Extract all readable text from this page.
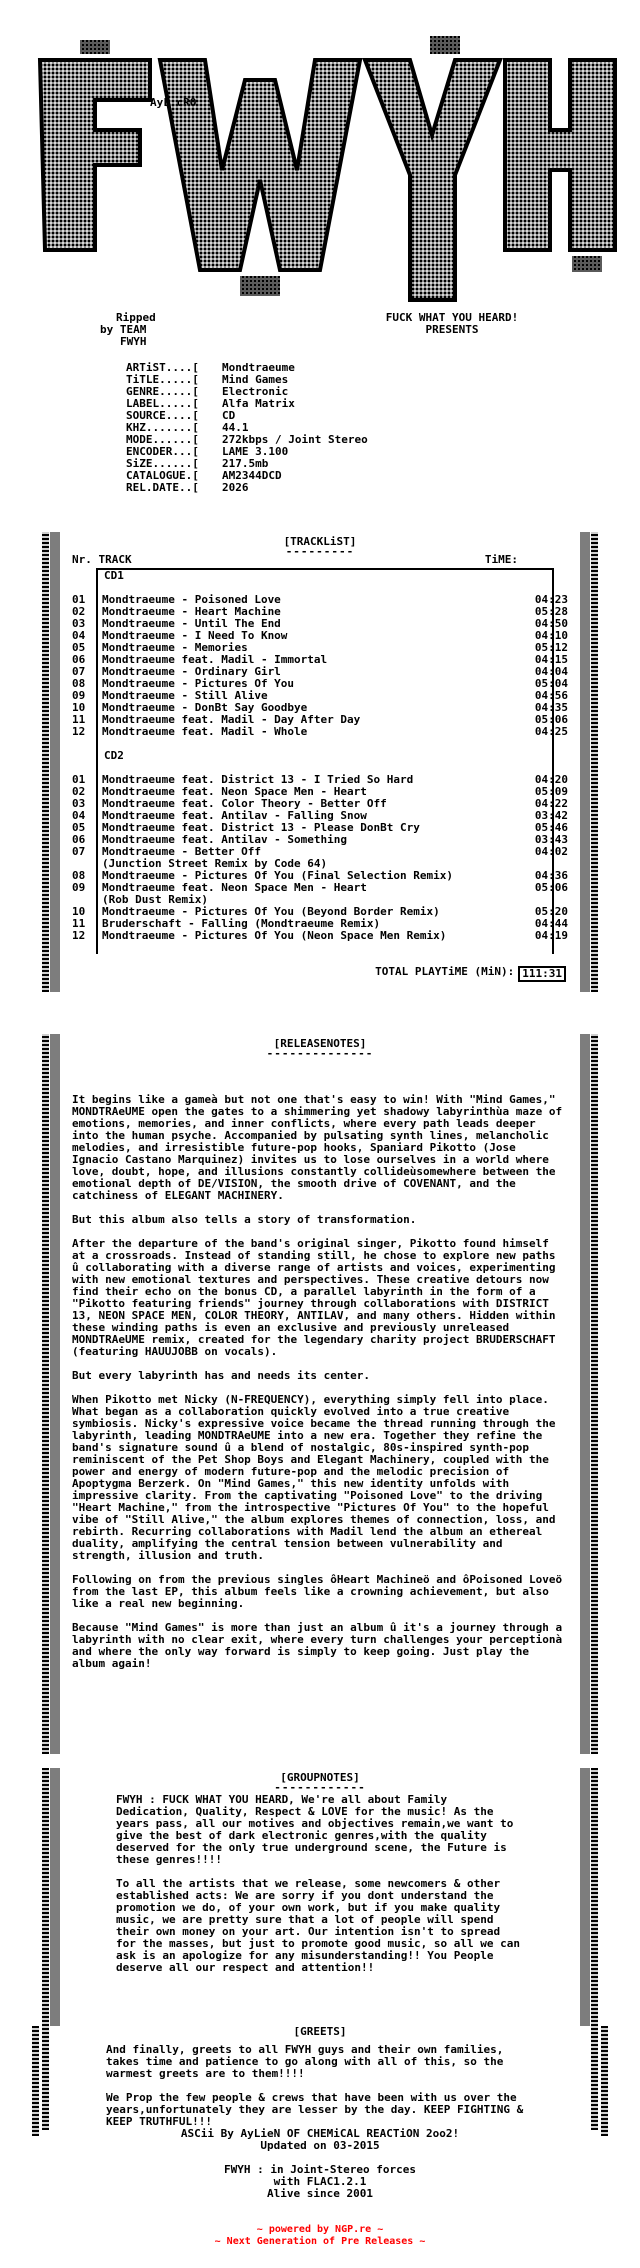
AyL.cRO
Ripped
by TEAM
FWYH
FUCK WHAT YOU HEARD!
PRESENTS
ARTiST....[	Mondtraeume
TiTLE.....[	Mind Games
GENRE.....[	Electronic
LABEL.....[	Alfa Matrix
SOURCE....[	CD
KHZ.......[	44.1
MODE......[	272kbps / Joint Stereo
ENCODER...[	LAME 3.100
SiZE......[	217.5mb
CATALOGUE.[	AM2344DCD
REL.DATE..[	2026

[TRACKLiST]

---------

Nr. TRACK	TiME:

CD1
01	Mondtraeume - Poisoned Love	04:23
02	Mondtraeume - Heart Machine	05:28
03	Mondtraeume - Until The End	04:50
04	Mondtraeume - I Need To Know	04:10
05	Mondtraeume - Memories	05:12
06	Mondtraeume feat. Madil - Immortal	04:15
07	Mondtraeume - Ordinary Girl	04:04
08	Mondtraeume - Pictures Of You	05:04
09	Mondtraeume - Still Alive	04:56
10	Mondtraeume - DonBt Say Goodbye	04:35
11	Mondtraeume feat. Madil - Day After Day	05:06
12	Mondtraeume feat. Madil - Whole	04:25
CD2
01	Mondtraeume feat. District 13 - I Tried So Hard	04:20
02	Mondtraeume feat. Neon Space Men - Heart	05:09
03	Mondtraeume feat. Color Theory - Better Off	04:22
04	Mondtraeume feat. Antilav - Falling Snow	03:42
05	Mondtraeume feat. District 13 - Please DonBt Cry	05:46
06	Mondtraeume feat. Antilav - Something	03:43
07	Mondtraeume - Better Off	04:02
(Junction Street Remix by Code 64)
08	Mondtraeume - Pictures Of You (Final Selection Remix)	04:36
09	Mondtraeume feat. Neon Space Men - Heart	05:06
(Rob Dust Remix)
10	Mondtraeume - Pictures Of You (Beyond Border Remix)	05:20
11	Bruderschaft - Falling (Mondtraeume Remix)	04:44
12	Mondtraeume - Pictures Of You (Neon Space Men Remix)	04:19

TOTAL PLAYTiME (MiN): 111:31

[RELEASENOTES]
--------------

It begins like a gameà but not one that's easy to win! With "Mind Games," MONDTRAeUME open the gates to a shimmering yet shadowy labyrinthùa maze of emotions, memories, and inner conflicts, where every path leads deeper into the human psyche. Accompanied by pulsating synth lines, melancholic melodies, and irresistible future-pop hooks, Spaniard Pikotto (Jose Ignacio Castano Marquinez) invites us to lose ourselves in a world where love, doubt, hope, and illusions constantly collideùsomewhere between the emotional depth of DE/VISION, the smooth drive of COVENANT, and the catchiness of ELEGANT MACHINERY.

But this album also tells a story of transformation.

After the departure of the band's original singer, Pikotto found himself at a crossroads. Instead of standing still, he chose to explore new paths û collaborating with a diverse range of artists and voices, experimenting with new emotional textures and perspectives. These creative detours now find their echo on the bonus CD, a parallel labyrinth in the form of a "Pikotto featuring friends" journey through collaborations with DISTRICT 13, NEON SPACE MEN, COLOR THEORY, ANTILAV, and many others. Hidden within these winding paths is even an exclusive and previously unreleased MONDTRAeUME remix, created for the legendary charity project BRUDERSCHAFT (featuring HAUUJOBB on vocals).

But every labyrinth has and needs its center.

When Pikotto met Nicky (N-FREQUENCY), everything simply fell into place. What began as a collaboration quickly evolved into a true creative symbiosis. Nicky's expressive voice became the thread running through the labyrinth, leading MONDTRAeUME into a new era. Together they refine the band's signature sound û a blend of nostalgic, 80s-inspired synth-pop reminiscent of the Pet Shop Boys and Elegant Machinery, coupled with the power and energy of modern future-pop and the melodic precision of Apoptygma Berzerk. On "Mind Games," this new identity unfolds with impressive clarity. From the captivating "Poisoned Love" to the driving "Heart Machine," from the introspective "Pictures Of You" to the hopeful vibe of "Still Alive," the album explores themes of connection, loss, and rebirth. Recurring collaborations with Madil lend the album an ethereal duality, amplifying the central tension between vulnerability and strength, illusion and truth.

Following on from the previous singles ôHeart Machineö and ôPoisoned Loveö from the last EP, this album feels like a crowning achievement, but also like a real new beginning.

Because "Mind Games" is more than just an album û it's a journey through a labyrinth with no clear exit, where every turn challenges your perceptionà and where the only way forward is simply to keep going. Just play the album again!

[GROUPNOTES]
------------

FWYH : FUCK WHAT YOU HEARD, We're all about Family Dedication, Quality, Respect & LOVE for the music! As the years pass, all our motives and objectives remain,we want to give the best of dark electronic genres,with the quality deserved for the only true underground scene, the Future is these genres!!!!

To all the artists that we release, some newcomers & other established acts: We are sorry if you dont understand the promotion we do, of your own work, but if you make quality music, we are pretty sure that a lot of people will spend their own money on your art. Our intention isn't to spread for the masses, but just to promote good music, so all we can ask is an apologize for any misunderstanding!! You People deserve all our respect and attention!!

[GREETS]

And finally, greets to all FWYH guys and their own families, takes time and patience to go along with all of this, so the warmest greets are to them!!!!

We Prop the few people & crews that have been with us over the years,unfortunately they are lesser by the day. KEEP FIGHTING & KEEP TRUTHFUL!!!

ASCii By AyLieN OF CHEMiCAL REACTiON 2oo2!
Updated on 03-2015

FWYH : in Joint-Stereo forces
with FLAC1.2.1
Alive since 2001
~ powered by NGP.re ~
~ Next Generation of Pre Releases ~
